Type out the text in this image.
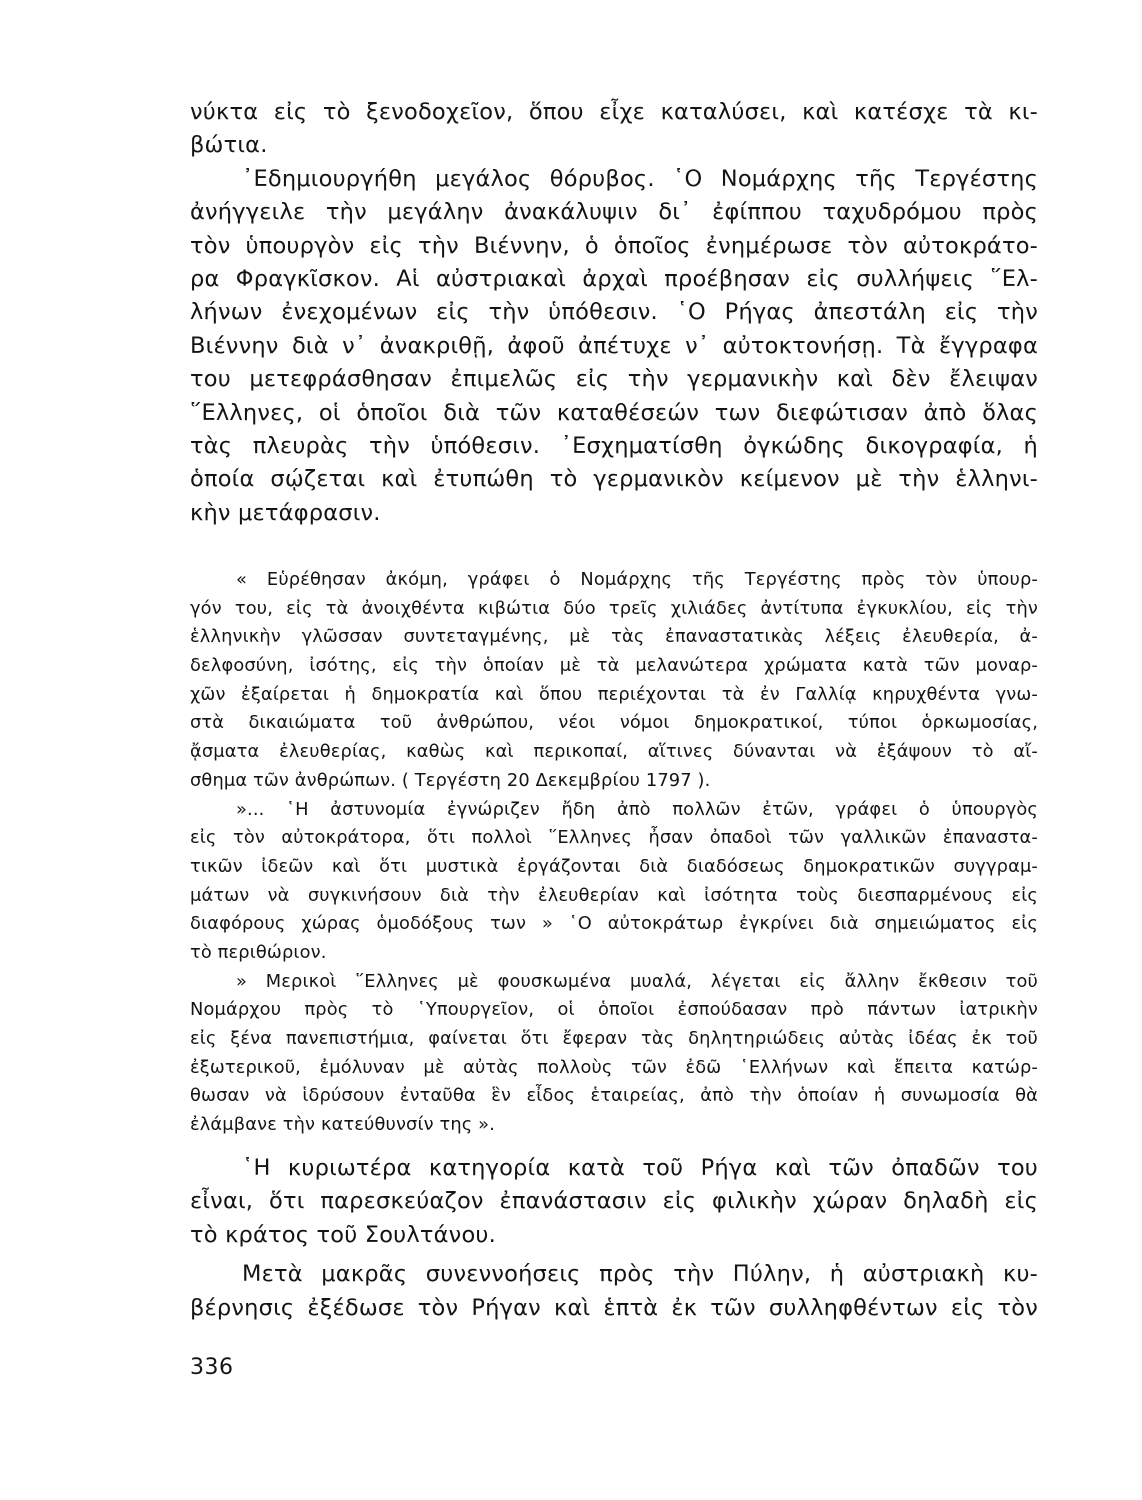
νύκτα εἰς τὸ ξενοδοχεῖον, ὅπου εἶχε καταλύσει, καὶ κατέσχε τὰ κι-
βώτια.
᾿Εδημιουργήθη μεγάλος θόρυβος. ῾Ο Νομάρχης τῆς Τεργέστης
ἀνήγγειλε τὴν μεγάλην ἀνακάλυψιν δι᾿ ἐφίππου ταχυδρόμου πρὸς
τὸν ὑπουργὸν εἰς τὴν Βιέννην, ὁ ὁποῖος ἐνημέρωσε τὸν αὐτοκράτο-
ρα Φραγκῖσκον. Αἱ αὐστριακαὶ ἀρχαὶ προέβησαν εἰς συλλήψεις ῞Ελ-
λήνων ἐνεχομένων εἰς τὴν ὑπόθεσιν. ῾Ο Ρήγας ἀπεστάλη εἰς τὴν
Βιέννην διὰ ν᾿ ἀνακριθῇ, ἀφοῦ ἀπέτυχε ν᾿ αὐτοκτονήσῃ. Τὰ ἔγγραφα
του μετεφράσθησαν ἐπιμελῶς εἰς τὴν γερμανικὴν καὶ δὲν ἔλειψαν
῞Ελληνες, οἱ ὁποῖοι διὰ τῶν καταθέσεών των διεφώτισαν ἀπὸ ὅλας
τὰς πλευρὰς τὴν ὑπόθεσιν. ᾿Εσχηματίσθη ὀγκώδης δικογραφία, ἡ
ὁποία σῴζεται καὶ ἐτυπώθη τὸ γερμανικὸν κείμενον μὲ τὴν ἑλληνι-
κὴν μετάφρασιν.
« Εὑρέθησαν ἀκόμη, γράφει ὁ Νομάρχης τῆς Τεργέστης πρὸς τὸν ὑπουρ-
γόν του, εἰς τὰ ἀνοιχθέντα κιβώτια δύο τρεῖς χιλιάδες ἀντίτυπα ἐγκυκλίου, εἰς τὴν
ἑλληνικὴν γλῶσσαν συντεταγμένης, μὲ τὰς ἐπαναστατικὰς λέξεις ἐλευθερία, ἀ-
δελφοσύνη, ἰσότης, εἰς τὴν ὁποίαν μὲ τὰ μελανώτερα χρώματα κατὰ τῶν μοναρ-
χῶν ἐξαίρεται ἡ δημοκρατία καὶ ὅπου περιέχονται τὰ ἐν Γαλλίᾳ κηρυχθέντα γνω-
στὰ δικαιώματα τοῦ ἀνθρώπου, νέοι νόμοι δημοκρατικοί, τύποι ὁρκωμοσίας,
ᾄσματα ἐλευθερίας, καθὼς καὶ περικοπαί, αἵτινες δύνανται νὰ ἐξάψουν τὸ αἴ-
σθημα τῶν ἀνθρώπων. ( Τεργέστη 20 Δεκεμβρίου 1797 ).
»... ῾Η ἀστυνομία ἐγνώριζεν ἤδη ἀπὸ πολλῶν ἐτῶν, γράφει ὁ ὑπουργὸς
εἰς τὸν αὐτοκράτορα, ὅτι πολλοὶ ῞Ελληνες ἦσαν ὀπαδοὶ τῶν γαλλικῶν ἐπαναστα-
τικῶν ἰδεῶν καὶ ὅτι μυστικὰ ἐργάζονται διὰ διαδόσεως δημοκρατικῶν συγγραμ-
μάτων νὰ συγκινήσουν διὰ τὴν ἐλευθερίαν καὶ ἰσότητα τοὺς διεσπαρμένους εἰς
διαφόρους χώρας ὁμοδόξους των » ῾Ο αὐτοκράτωρ ἐγκρίνει διὰ σημειώματος εἰς
τὸ περιθώριον.
» Μερικοὶ ῞Ελληνες μὲ φουσκωμένα μυαλά, λέγεται εἰς ἄλλην ἔκθεσιν τοῦ
Νομάρχου πρὸς τὸ ῾Υπουργεῖον, οἱ ὁποῖοι ἐσπούδασαν πρὸ πάντων ἰατρικὴν
εἰς ξένα πανεπιστήμια, φαίνεται ὅτι ἔφεραν τὰς δηλητηριώδεις αὐτὰς ἰδέας ἐκ τοῦ
ἐξωτερικοῦ, ἐμόλυναν μὲ αὐτὰς πολλοὺς τῶν ἐδῶ ῾Ελλήνων καὶ ἔπειτα κατώρ-
θωσαν νὰ ἱδρύσουν ἐνταῦθα ἓν εἶδος ἑταιρείας, ἀπὸ τὴν ὁποίαν ἡ συνωμοσία θὰ
ἐλάμβανε τὴν κατεύθυνσίν της ».
῾Η κυριωτέρα κατηγορία κατὰ τοῦ Ρήγα καὶ τῶν ὀπαδῶν του
εἶναι, ὅτι παρεσκεύαζον ἐπανάστασιν εἰς φιλικὴν χώραν δηλαδὴ εἰς
τὸ κράτος τοῦ Σουλτάνου.
Μετὰ μακρᾶς συνεννοήσεις πρὸς τὴν Πύλην, ἡ αὐστριακὴ κυ-
βέρνησις ἐξέδωσε τὸν Ρήγαν καὶ ἑπτὰ ἐκ τῶν συλληφθέντων εἰς τὸν
336
